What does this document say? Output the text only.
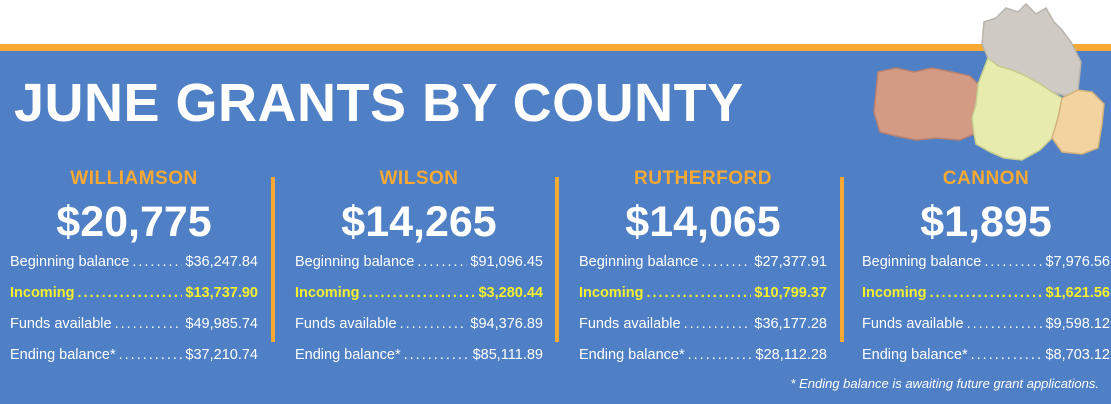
JUNE GRANTS BY COUNTY
WILLIAMSON
$20,775
Beginning balance .....	$36,247.84
Incoming .....	$13,737.90
Funds available .....	$49,985.74
Ending balance* .....	$37,210.74
WILSON
$14,265
Beginning balance .....	$91,096.45
Incoming .....	$3,280.44
Funds available .....	$94,376.89
Ending balance* .....	$85,111.89
RUTHERFORD
$14,065
Beginning balance .....	$27,377.91
Incoming .....	$10,799.37
Funds available .....	$36,177.28
Ending balance* .....	$28,112.28
CANNON
$1,895
Beginning balance .....	$7,976.56
Incoming .....	$1,621.56
Funds available .....	$9,598.12
Ending balance* .....	$8,703.12
* Ending balance is awaiting future grant applications.
